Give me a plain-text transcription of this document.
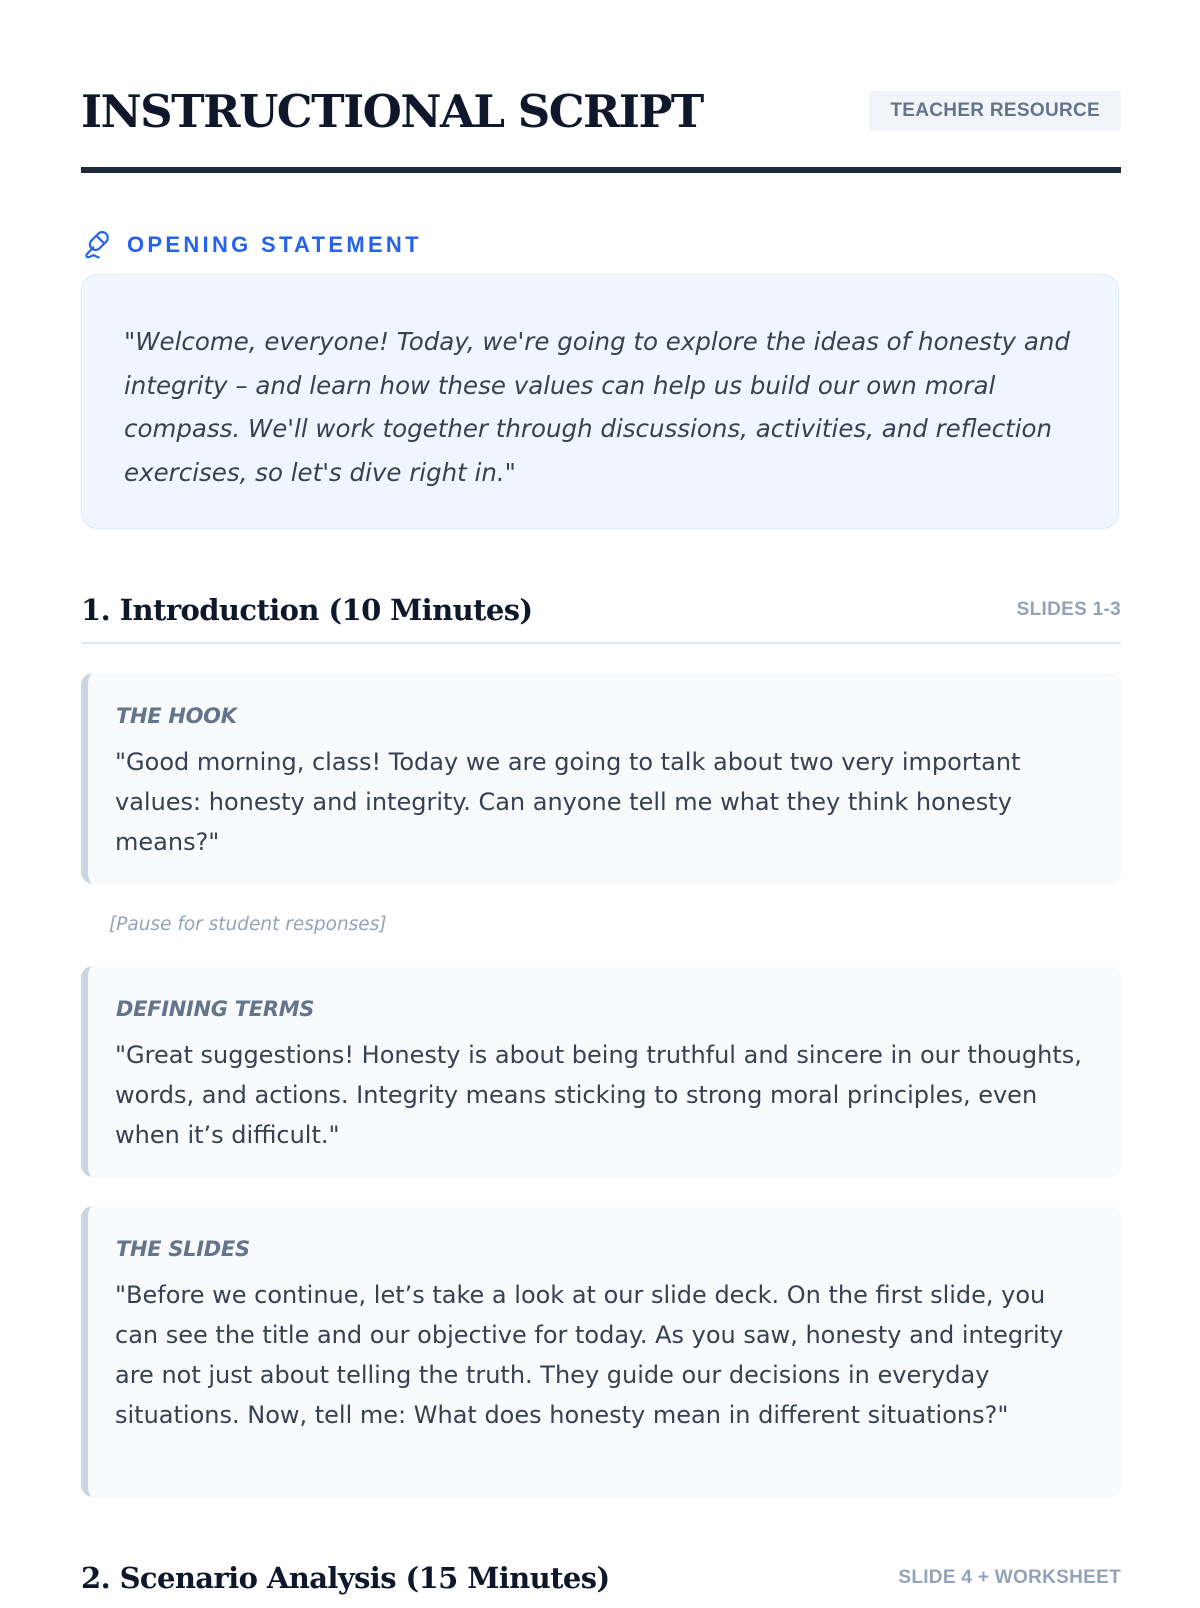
INSTRUCTIONAL SCRIPT	TEACHER RESOURCE
OPENING STATEMENT

"Welcome, everyone! Today, we're going to explore the ideas of honesty and integrity – and learn how these values can help us build our own moral compass. We'll work together through discussions, activities, and reflection exercises, so let's dive right in."

1. Introduction (10 Minutes)	SLIDES 1-3
THE HOOK

"Good morning, class! Today we are going to talk about two very important values: honesty and integrity. Can anyone tell me what they think honesty means?"

[Pause for student responses]
DEFINING TERMS

"Great suggestions! Honesty is about being truthful and sincere in our thoughts, words, and actions. Integrity means sticking to strong moral principles, even when it’s difficult."

THE SLIDES

"Before we continue, let’s take a look at our slide deck. On the first slide, you can see the title and our objective for today. As you saw, honesty and integrity are not just about telling the truth. They guide our decisions in everyday situations. Now, tell me: What does honesty mean in different situations?"

2. Scenario Analysis (15 Minutes)	SLIDE 4 + WORKSHEET
